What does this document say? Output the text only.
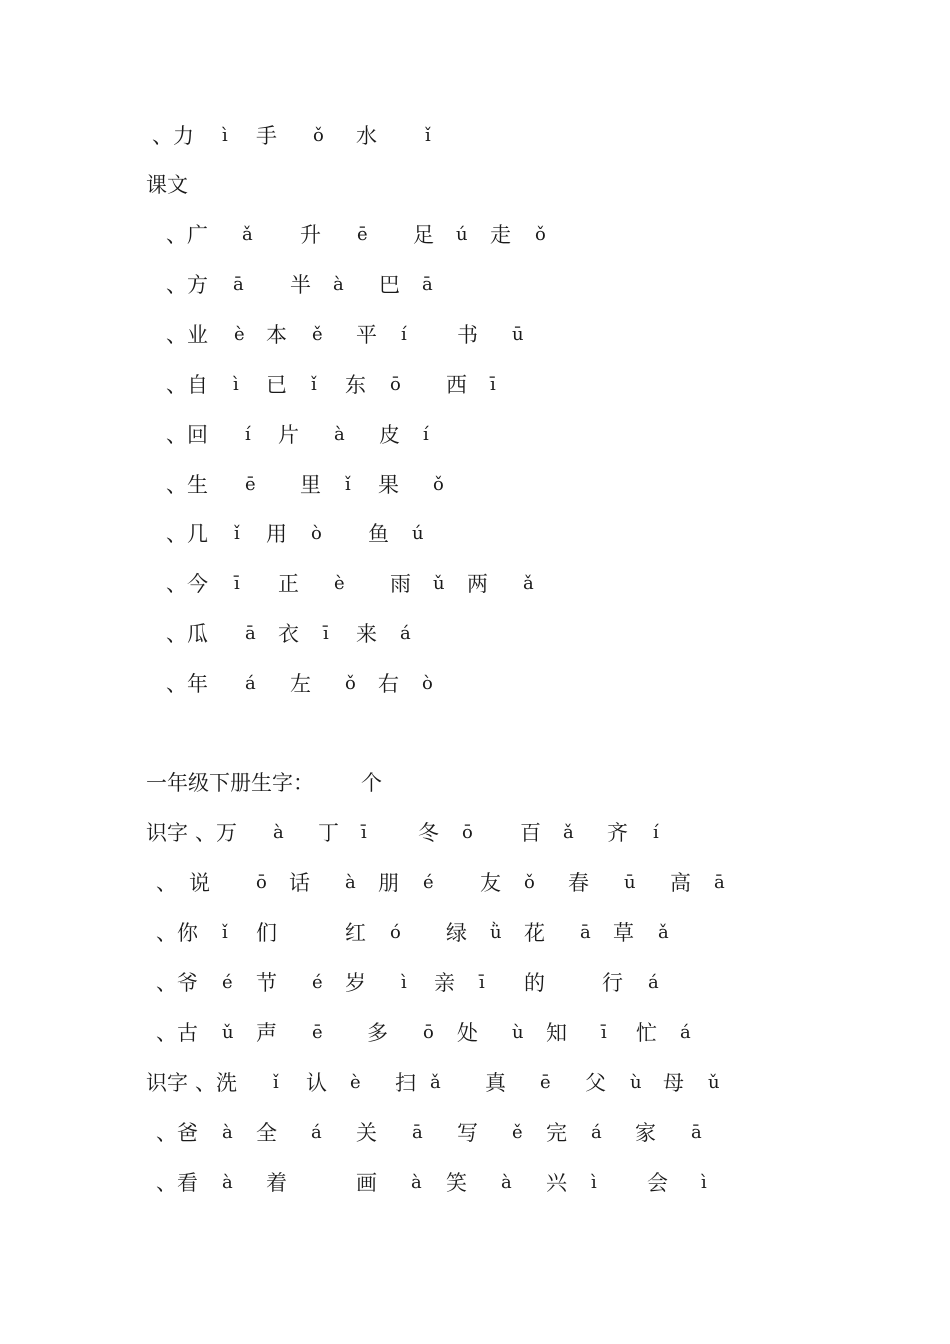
、力 ì 手 ǒ 水	ǐ
课文
、广 ǎ 升 ē 足 ú 走 ǒ
、方 ā 半 à 巴 ā
、业 è 本 ě 平 í 书 ū
、自 ì 已 ǐ 东 ō 西 ī
、回 í 片 à 皮 í
、生 ē 里 ǐ 果 ǒ
、几 ǐ 用 ò 鱼 ú
、今 ī 正 è 雨 ǔ 两 ǎ
、瓜 ā 衣 ī 来 á
、年 á 左 ǒ 右 ò
一年级下册生字： 个
识字 、万 à 丁 ī 冬 ō 百 ǎ 齐 í
、 说	ō 话 à 朋 é 友 ǒ 春 ū 高 ā
、你 ǐ 们	红 ó 绿 ǜ 花 ā 草 ǎ
、爷 é 节 é 岁 ì 亲 ī 的	行 á
、古 ǔ 声 ē 多 ō 处 ù 知 ī 忙 á
识字 、洗 ǐ 认 è 扫 ǎ 真 ē 父 ù 母 ǔ
、爸 à 全 á 关 ā 写 ě 完 á 家 ā
、看 à 着	画 à 笑 à 兴 ì 会 ì
